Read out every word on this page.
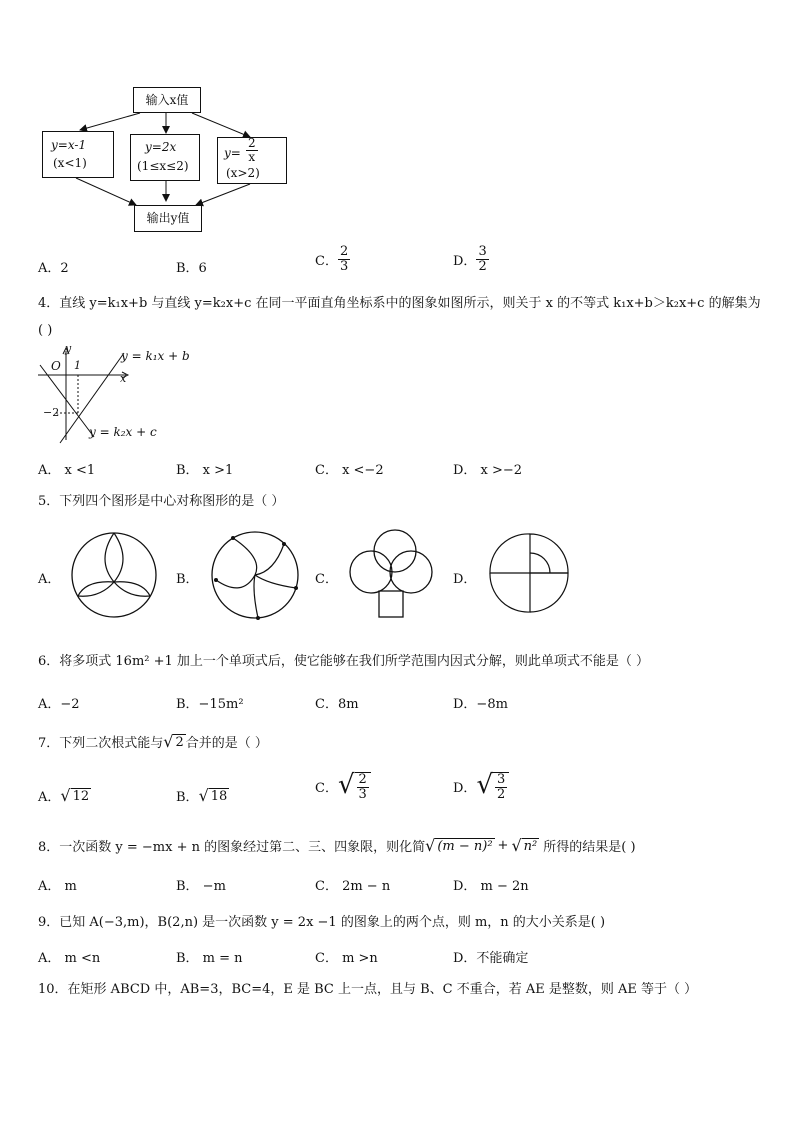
输入x值
y=x-1
(x<1)
y=2x
(1≤x≤2)
$y= \frac{2}{x}$
(x>2)
输出y值
A．2	B．6	C． $\frac{2}{3}$	D． $\frac{3}{2}$
4．直线 y=k₁x+b 与直线 y=k₂x+c 在同一平面直角坐标系中的图象如图所示，则关于 x 的不等式 k₁x+b＞k₂x+c 的解集为
( )
y
x
O 1
−2
y = k₁x + b
y = k₂x + c
A． x <1	B． x >1	C． x <−2	D． x >−2
5．下列四个图形是中心对称图形的是（ ）
A．	B．	C．	D．
6．将多项式 16m² +1 加上一个单项式后，使它能够在我们所学范围内因式分解，则此单项式不能是（ ）
A．−2	B．−15m²	C．8m	D．−8m
7．下列二次根式能与 √ 2 合并的是（ ）
A． √ 12	B． √ 18	C． √ $\frac{2}{3}$	D． √ $\frac{3}{2}$
8．一次函数 y = −mx + n 的图象经过第二、三、四象限，则化简 √ (m − n)² + √ n² 所得的结果是( )
A． m	B． −m	C． 2m − n	D． m − 2n
9．已知 A(−3,m)，B(2,n) 是一次函数 y = 2x −1 的图象上的两个点，则 m，n 的大小关系是( )
A． m <n	B． m = n	C． m >n	D．不能确定
10．在矩形 ABCD 中，AB=3，BC=4，E 是 BC 上一点，且与 B、C 不重合，若 AE 是整数，则 AE 等于（ ）
